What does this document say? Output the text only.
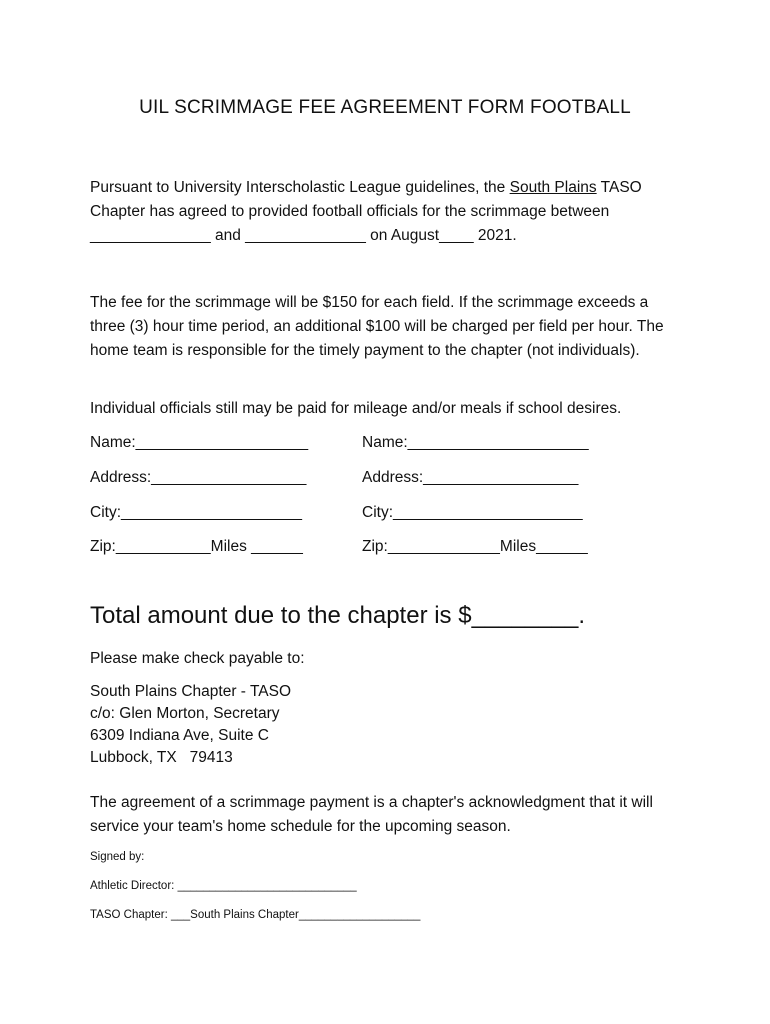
UIL SCRIMMAGE FEE AGREEMENT FORM FOOTBALL
Pursuant to University Interscholastic League guidelines, the South Plains TASO
Chapter has agreed to provided football officials for the scrimmage between
______________ and ______________ on August____ 2021.
The fee for the scrimmage will be $150 for each field. If the scrimmage exceeds a three (3) hour time period, an additional $100 will be charged per field per hour. The home team is responsible for the timely payment to the chapter (not individuals).
Individual officials still may be paid for mileage and/or meals if school desires.
Name:____________________	Name:_____________________
Address:__________________	Address:__________________
City:_____________________	City:______________________
Zip:___________Miles ______	Zip:_____________Miles______
Total amount due to the chapter is $________.
Please make check payable to:
South Plains Chapter - TASO
c/o: Glen Morton, Secretary
6309 Indiana Ave, Suite C
Lubbock, TX   79413
The agreement of a scrimmage payment is a chapter's acknowledgment that it will service your team's home schedule for the upcoming season.
Signed by:
Athletic Director: ____________________________
TASO Chapter: ___South Plains Chapter___________________
